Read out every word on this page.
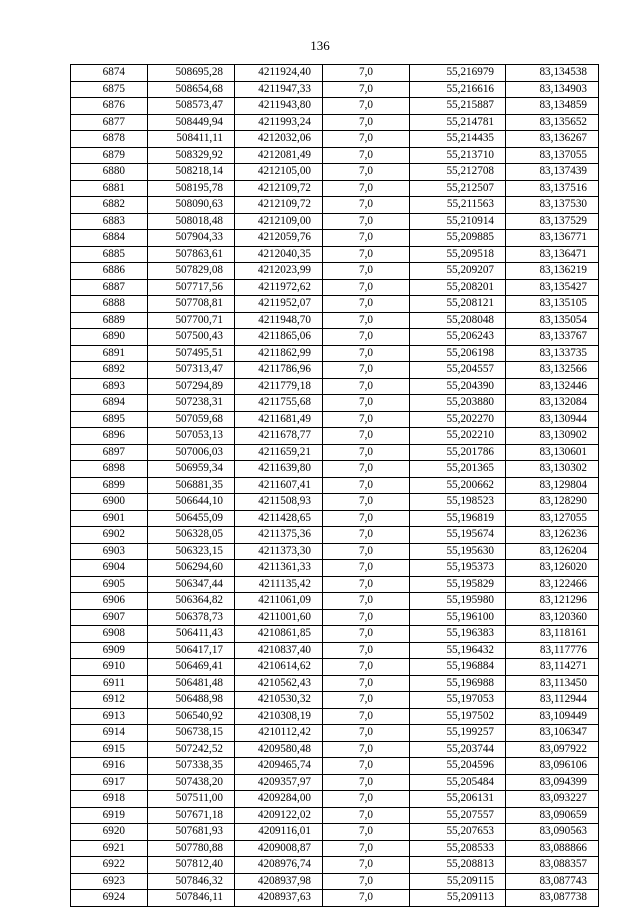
136
6874	508695,28	4211924,40	7,0	55,216979	83,134538
6875	508654,68	4211947,33	7,0	55,216616	83,134903
6876	508573,47	4211943,80	7,0	55,215887	83,134859
6877	508449,94	4211993,24	7,0	55,214781	83,135652
6878	508411,11	4212032,06	7,0	55,214435	83,136267
6879	508329,92	4212081,49	7,0	55,213710	83,137055
6880	508218,14	4212105,00	7,0	55,212708	83,137439
6881	508195,78	4212109,72	7,0	55,212507	83,137516
6882	508090,63	4212109,72	7,0	55,211563	83,137530
6883	508018,48	4212109,00	7,0	55,210914	83,137529
6884	507904,33	4212059,76	7,0	55,209885	83,136771
6885	507863,61	4212040,35	7,0	55,209518	83,136471
6886	507829,08	4212023,99	7,0	55,209207	83,136219
6887	507717,56	4211972,62	7,0	55,208201	83,135427
6888	507708,81	4211952,07	7,0	55,208121	83,135105
6889	507700,71	4211948,70	7,0	55,208048	83,135054
6890	507500,43	4211865,06	7,0	55,206243	83,133767
6891	507495,51	4211862,99	7,0	55,206198	83,133735
6892	507313,47	4211786,96	7,0	55,204557	83,132566
6893	507294,89	4211779,18	7,0	55,204390	83,132446
6894	507238,31	4211755,68	7,0	55,203880	83,132084
6895	507059,68	4211681,49	7,0	55,202270	83,130944
6896	507053,13	4211678,77	7,0	55,202210	83,130902
6897	507006,03	4211659,21	7,0	55,201786	83,130601
6898	506959,34	4211639,80	7,0	55,201365	83,130302
6899	506881,35	4211607,41	7,0	55,200662	83,129804
6900	506644,10	4211508,93	7,0	55,198523	83,128290
6901	506455,09	4211428,65	7,0	55,196819	83,127055
6902	506328,05	4211375,36	7,0	55,195674	83,126236
6903	506323,15	4211373,30	7,0	55,195630	83,126204
6904	506294,60	4211361,33	7,0	55,195373	83,126020
6905	506347,44	4211135,42	7,0	55,195829	83,122466
6906	506364,82	4211061,09	7,0	55,195980	83,121296
6907	506378,73	4211001,60	7,0	55,196100	83,120360
6908	506411,43	4210861,85	7,0	55,196383	83,118161
6909	506417,17	4210837,40	7,0	55,196432	83,117776
6910	506469,41	4210614,62	7,0	55,196884	83,114271
6911	506481,48	4210562,43	7,0	55,196988	83,113450
6912	506488,98	4210530,32	7,0	55,197053	83,112944
6913	506540,92	4210308,19	7,0	55,197502	83,109449
6914	506738,15	4210112,42	7,0	55,199257	83,106347
6915	507242,52	4209580,48	7,0	55,203744	83,097922
6916	507338,35	4209465,74	7,0	55,204596	83,096106
6917	507438,20	4209357,97	7,0	55,205484	83,094399
6918	507511,00	4209284,00	7,0	55,206131	83,093227
6919	507671,18	4209122,02	7,0	55,207557	83,090659
6920	507681,93	4209116,01	7,0	55,207653	83,090563
6921	507780,88	4209008,87	7,0	55,208533	83,088866
6922	507812,40	4208976,74	7,0	55,208813	83,088357
6923	507846,32	4208937,98	7,0	55,209115	83,087743
6924	507846,11	4208937,63	7,0	55,209113	83,087738
